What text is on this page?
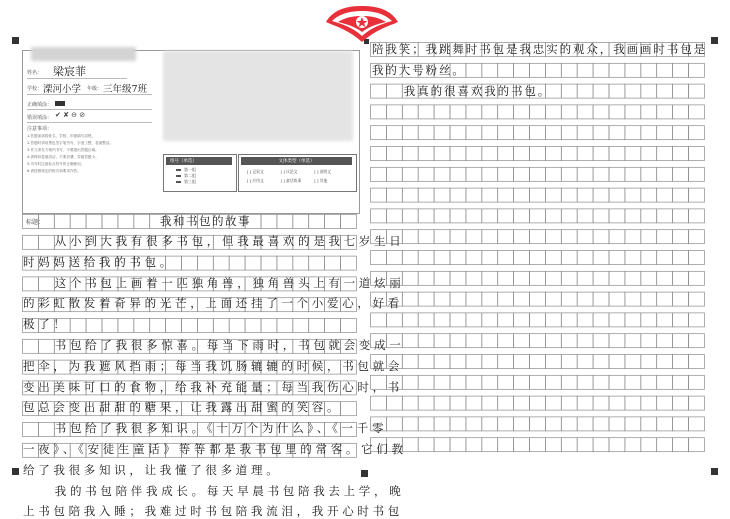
姓名： 梁宸菲
学校： 溧河小学 年级： 三年级7班
正确填涂：
错误填涂： ✔ ✘ ⊖ ⊘
注意事项：
1.答题前请将姓名、学校、年级填写清楚。
2.答题时请用黑色签字笔书写，字迹工整，卷面整洁。
3.作文请在方格内书写，不要超出答题区域。
4.请保持卷面清洁，不要折叠、弄破答题卡。
5.书写时注意标点符号的正确使用。
6.请按照规定的格式和要求作答。
组号（单选）
第一组
第二组
第三组
文体类型（单选）
[ ] 记叙文	[ ] 议论文	[ ] 说明文
[ ] 应用文	[ ] 童话故事	[ ] 其他
标题：	我和书包的故事
从小到大我有很多书包，但我最喜欢的是我七岁生日
时妈妈送给我的书包。
这个书包上画着一匹独角兽，独角兽头上有一道炫丽
的彩虹散发着奇异的光芒，上面还挂了一个小爱心，好看
极了！
书包给了我很多惊喜。每当下雨时，书包就会变成一
把伞，为我遮风挡雨；每当我饥肠辘辘的时候，书包就会
变出美味可口的食物，给我补充能量；每当我伤心时，书
包总会变出甜甜的糖果，让我露出甜蜜的笑容。
书包给了我很多知识。《十万个为什么》、《一千零
一夜》、《安徒生童话》等等都是我书包里的常客。它们教
给了我很多知识，让我懂了很多道理。
我的书包陪伴我成长。每天早晨书包陪我去上学，晚
上书包陪我入睡；我难过时书包陪我流泪，我开心时书包
陪我笑；我跳舞时书包是我忠实的观众，我画画时书包是
我的大号粉丝。
我真的很喜欢我的书包。
